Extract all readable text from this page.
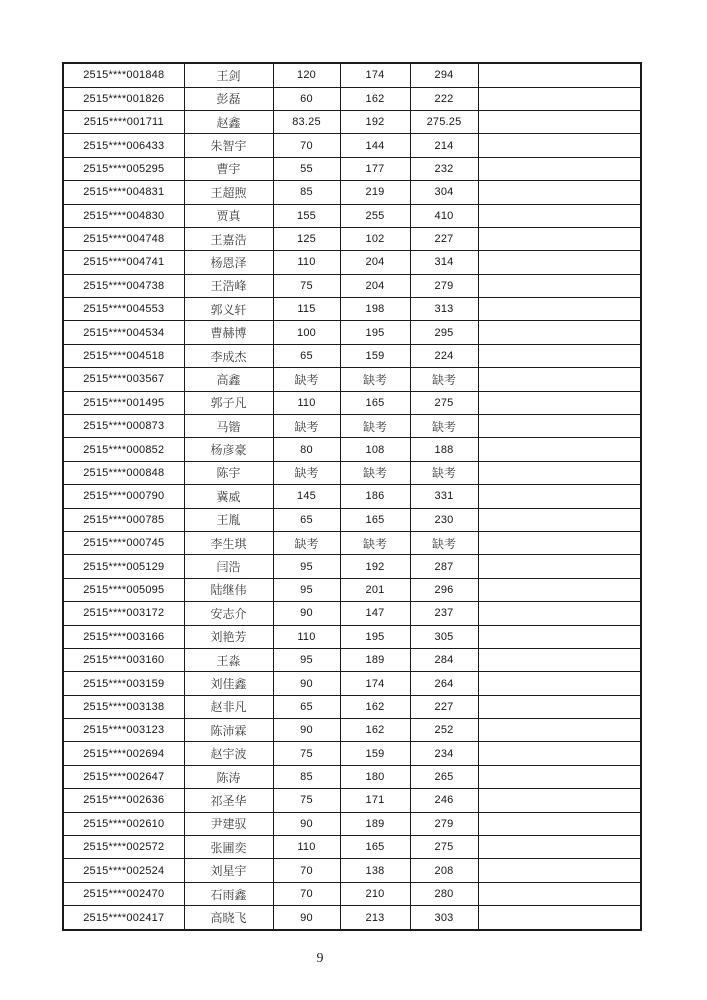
2515****001848	王剑	120	174	294	
2515****001826	彭磊	60	162	222	
2515****001711	赵鑫	83.25	192	275.25	
2515****006433	朱智宇	70	144	214	
2515****005295	曹宇	55	177	232	
2515****004831	王超煦	85	219	304	
2515****004830	贾真	155	255	410	
2515****004748	王嘉浩	125	102	227	
2515****004741	杨恩泽	110	204	314	
2515****004738	王浩峰	75	204	279	
2515****004553	郭义轩	115	198	313	
2515****004534	曹赫博	100	195	295	
2515****004518	李成杰	65	159	224	
2515****003567	高鑫	缺考	缺考	缺考	
2515****001495	郭子凡	110	165	275	
2515****000873	马锴	缺考	缺考	缺考	
2515****000852	杨彦豪	80	108	188	
2515****000848	陈宇	缺考	缺考	缺考	
2515****000790	冀威	145	186	331	
2515****000785	王胤	65	165	230	
2515****000745	李生琪	缺考	缺考	缺考	
2515****005129	闫浩	95	192	287	
2515****005095	陆继伟	95	201	296	
2515****003172	安志介	90	147	237	
2515****003166	刘艳芳	110	195	305	
2515****003160	王淼	95	189	284	
2515****003159	刘佳鑫	90	174	264	
2515****003138	赵非凡	65	162	227	
2515****003123	陈沛霖	90	162	252	
2515****002694	赵宇波	75	159	234	
2515****002647	陈涛	85	180	265	
2515****002636	祁圣华	75	171	246	
2515****002610	尹建驭	90	189	279	
2515****002572	张圃奕	110	165	275	
2515****002524	刘星宇	70	138	208	
2515****002470	石雨鑫	70	210	280	
2515****002417	高晓飞	90	213	303	
9
